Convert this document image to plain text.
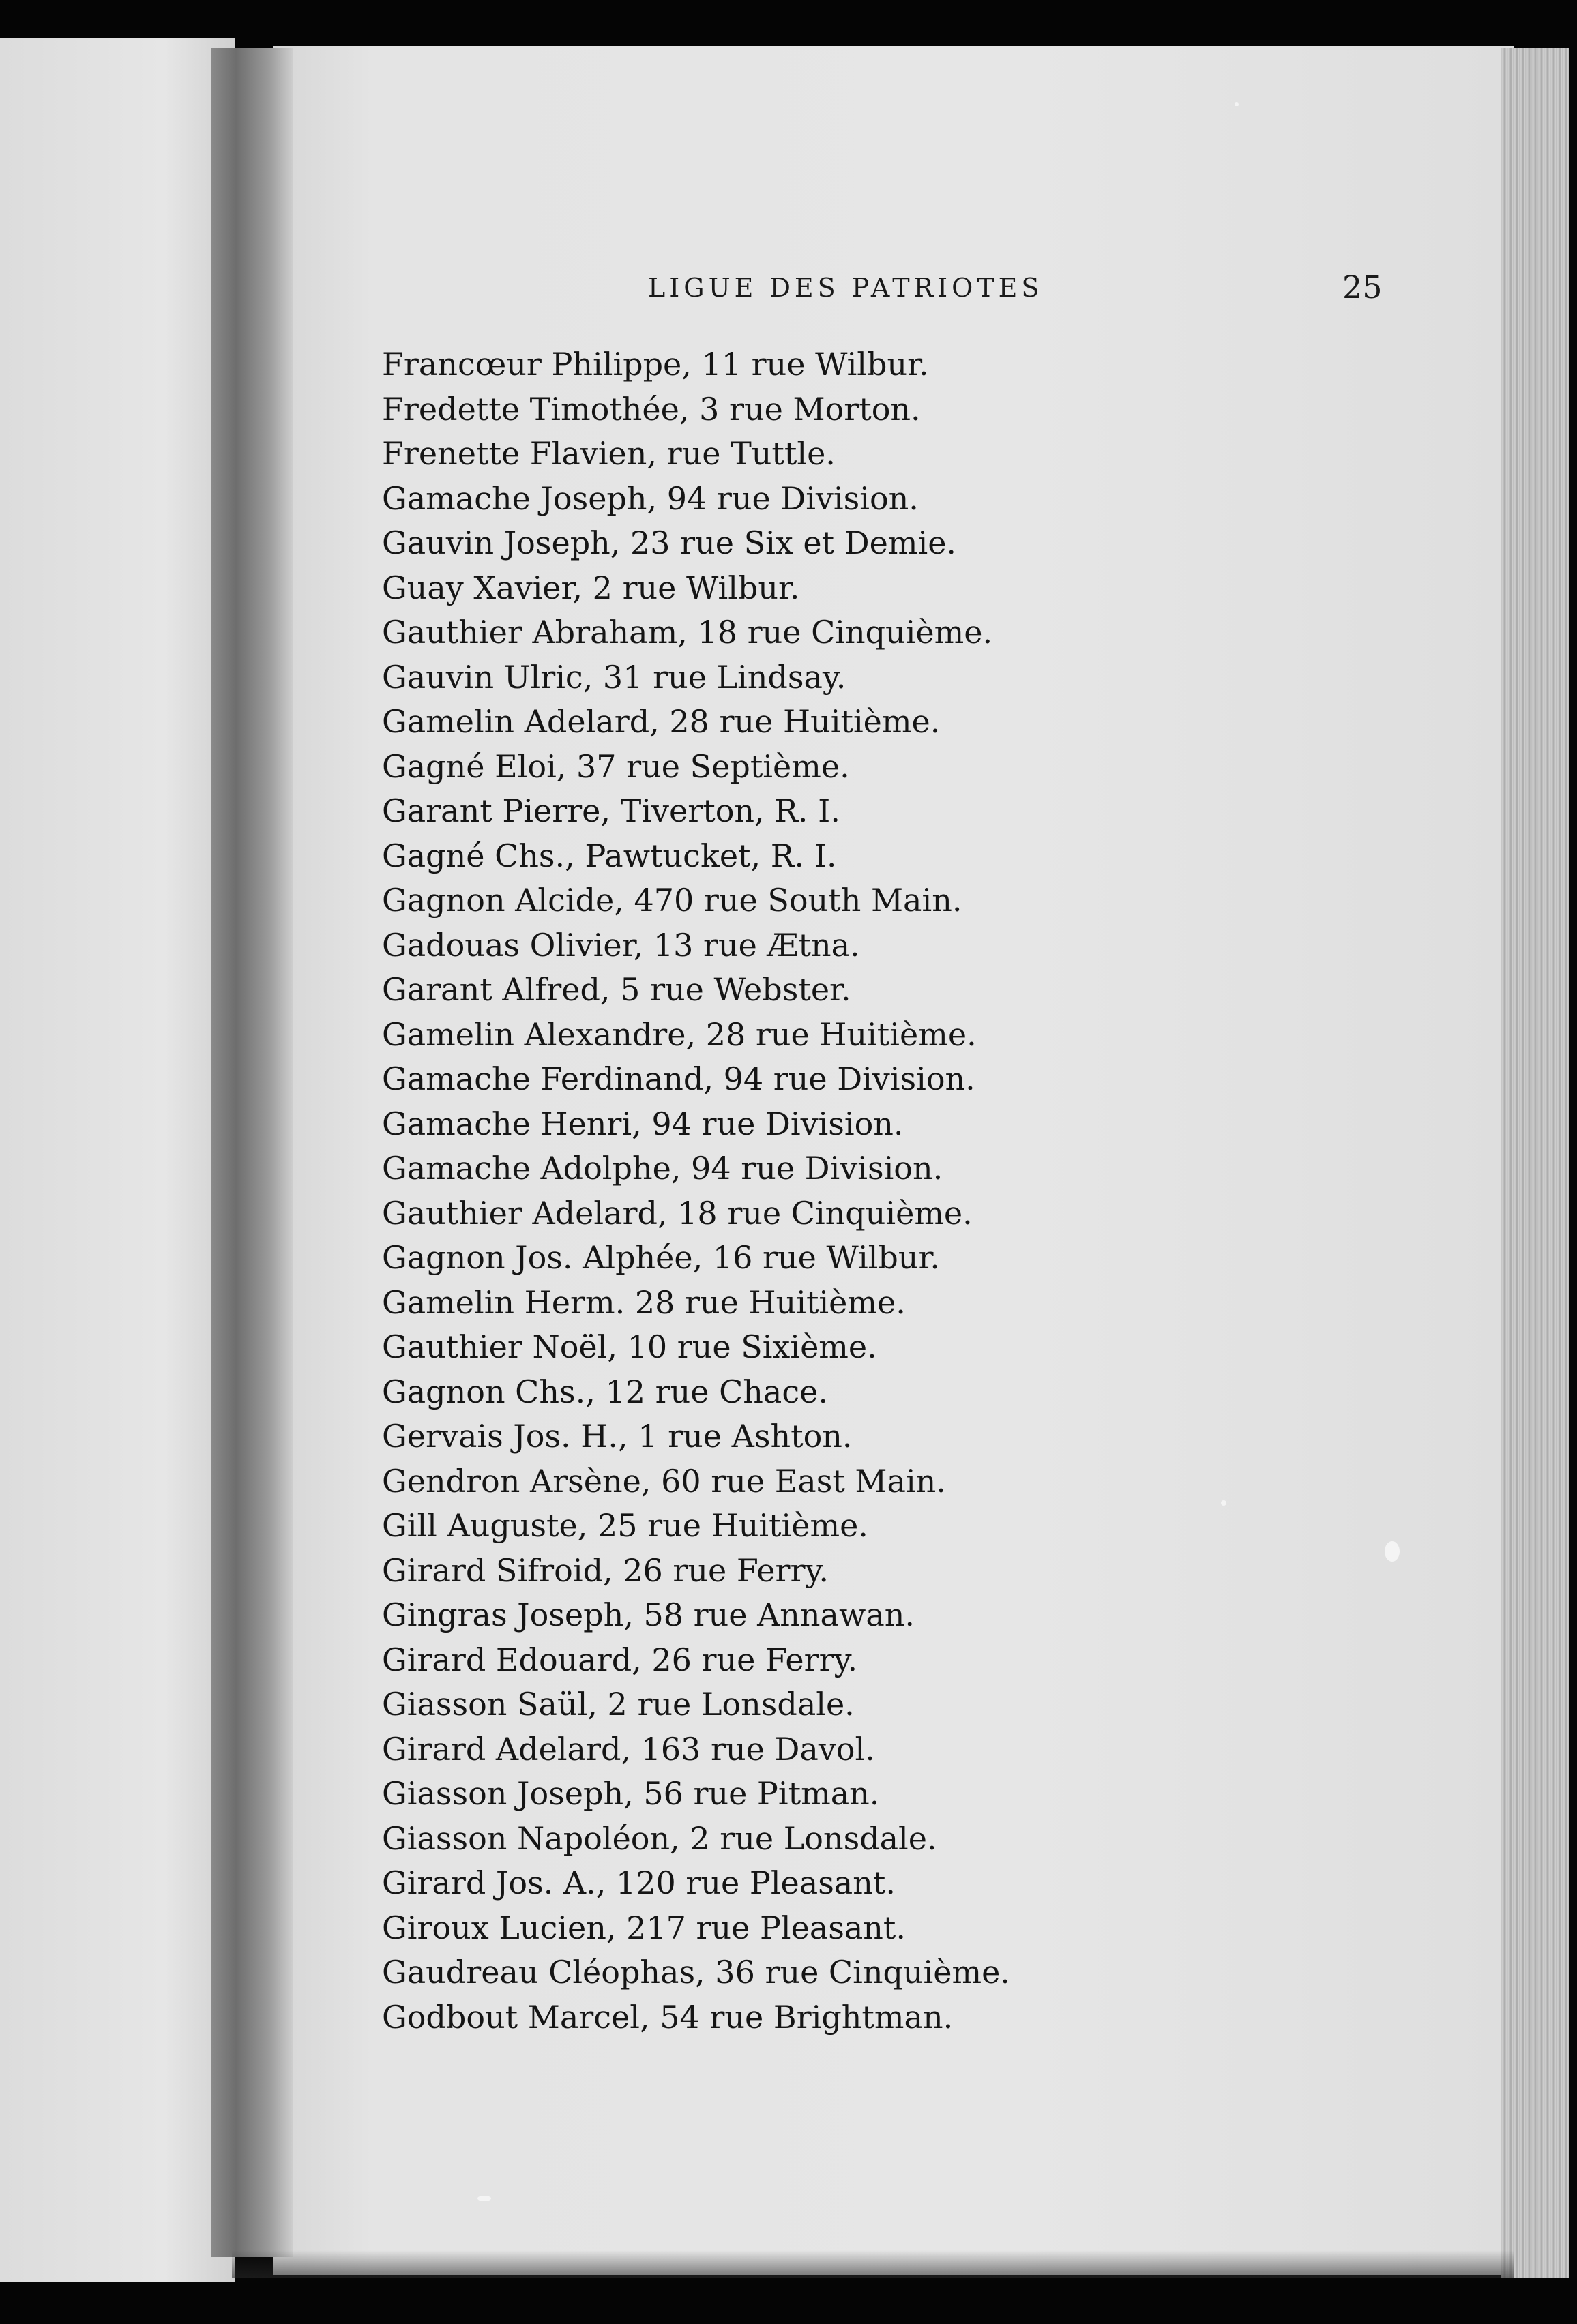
LIGUE DES PATRIOTES	25
Francœur Philippe, 11 rue Wilbur.
Fredette Timothée, 3 rue Morton.
Frenette Flavien, rue Tuttle.
Gamache Joseph, 94 rue Division.
Gauvin Joseph, 23 rue Six et Demie.
Guay Xavier, 2 rue Wilbur.
Gauthier Abraham, 18 rue Cinquième.
Gauvin Ulric, 31 rue Lindsay.
Gamelin Adelard, 28 rue Huitième.
Gagné Eloi, 37 rue Septième.
Garant Pierre, Tiverton, R. I.
Gagné Chs., Pawtucket, R. I.
Gagnon Alcide, 470 rue South Main.
Gadouas Olivier, 13 rue Ætna.
Garant Alfred, 5 rue Webster.
Gamelin Alexandre, 28 rue Huitième.
Gamache Ferdinand, 94 rue Division.
Gamache Henri, 94 rue Division.
Gamache Adolphe, 94 rue Division.
Gauthier Adelard, 18 rue Cinquième.
Gagnon Jos. Alphée, 16 rue Wilbur.
Gamelin Herm. 28 rue Huitième.
Gauthier Noël, 10 rue Sixième.
Gagnon Chs., 12 rue Chace.
Gervais Jos. H., 1 rue Ashton.
Gendron Arsène, 60 rue East Main.
Gill Auguste, 25 rue Huitième.
Girard Sifroid, 26 rue Ferry.
Gingras Joseph, 58 rue Annawan.
Girard Edouard, 26 rue Ferry.
Giasson Saül, 2 rue Lonsdale.
Girard Adelard, 163 rue Davol.
Giasson Joseph, 56 rue Pitman.
Giasson Napoléon, 2 rue Lonsdale.
Girard Jos. A., 120 rue Pleasant.
Giroux Lucien, 217 rue Pleasant.
Gaudreau Cléophas, 36 rue Cinquième.
Godbout Marcel, 54 rue Brightman.
